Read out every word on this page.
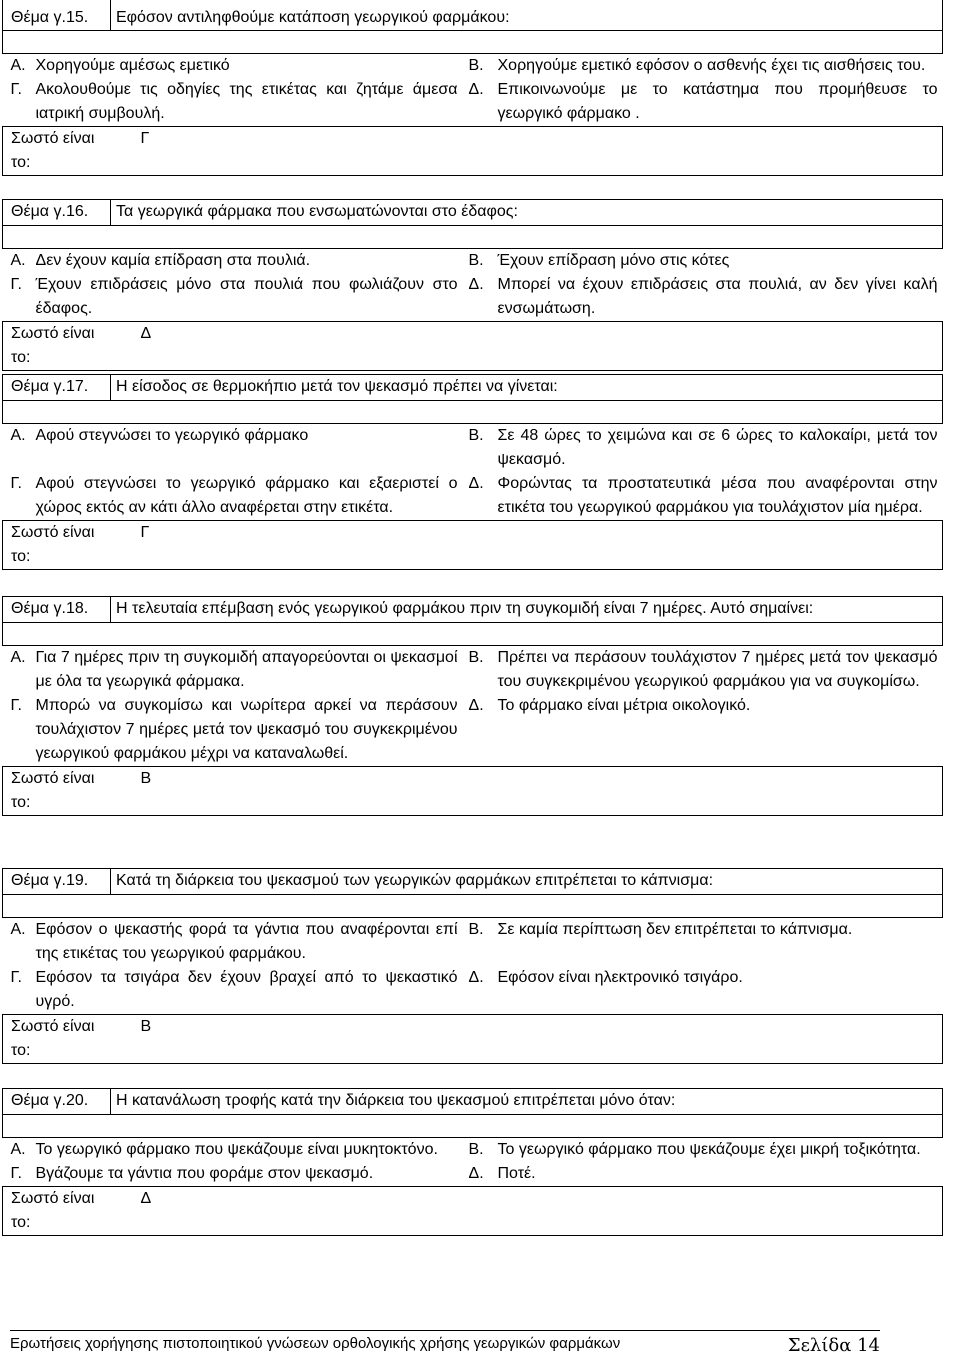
Θέμα γ.15.		Εφόσον αντιληφθούμε κατάποση γεωργικού φαρμάκου:		

Α.	Χορηγούμε αμέσως εμετικό		Β.	Χορηγούμε εμετικό εφόσον ο ασθενής έχει τις αισθήσεις του.
Γ.	Ακολουθούμε τις οδηγίες της ετικέτας και ζητάμε άμεσα ιατρική συμβουλή.		Δ.	Επικοινωνούμε με το κατάστημα που προμήθευσε το γεωργικό φάρμακο .
Σωστό είναι το:		Γ		
Θέμα γ.16.		Τα γεωργικά φάρμακα που ενσωματώνονται στο έδαφος:		

Α.	Δεν έχουν καμία επίδραση στα πουλιά.		Β.	Έχουν επίδραση μόνο στις κότες
Γ.	Έχουν επιδράσεις μόνο στα πουλιά που φωλιάζουν στο έδαφος.		Δ.	Μπορεί να έχουν επιδράσεις στα πουλιά, αν δεν γίνει καλή ενσωμάτωση.
Σωστό είναι το:		Δ		
Θέμα γ.17.		Η είσοδος σε θερμοκήπιο μετά τον ψεκασμό πρέπει να γίνεται:		

Α.	Αφού στεγνώσει το γεωργικό φάρμακο		Β.	Σε 48 ώρες το χειμώνα και σε 6 ώρες το καλοκαίρι, μετά τον ψεκασμό.
Γ.	Αφού στεγνώσει το γεωργικό φάρμακο και εξαεριστεί ο χώρος εκτός αν κάτι άλλο αναφέρεται στην ετικέτα.		Δ.	Φορώντας τα προστατευτικά μέσα που αναφέρονται στην ετικέτα του γεωργικού φαρμάκου για τουλάχιστον μία ημέρα.
Σωστό είναι το:		Γ		
Θέμα γ.18.		Η τελευταία επέμβαση ενός γεωργικού φαρμάκου πριν τη συγκομιδή είναι 7 ημέρες. Αυτό σημαίνει:		

Α.	Για 7 ημέρες πριν τη συγκομιδή απαγορεύονται οι ψεκασμοί με όλα τα γεωργικά φάρμακα.		Β.	Πρέπει να περάσουν τουλάχιστον 7 ημέρες μετά τον ψεκασμό του συγκεκριμένου γεωργικού φαρμάκου για να συγκομίσω.
Γ.	Μπορώ να συγκομίσω και νωρίτερα αρκεί να περάσουν τουλάχιστον 7 ημέρες μετά τον ψεκασμό του συγκεκριμένου γεωργικού φαρμάκου μέχρι να καταναλωθεί.		Δ.	Το φάρμακο είναι μέτρια οικολογικό.
Σωστό είναι το:		Β		
Θέμα γ.19.		Κατά τη διάρκεια του ψεκασμού των γεωργικών φαρμάκων επιτρέπεται το κάπνισμα:		

Α.	Εφόσον ο ψεκαστής φορά τα γάντια που αναφέρονται επί της ετικέτας του γεωργικού φαρμάκου.		Β.	Σε καμία περίπτωση δεν επιτρέπεται το κάπνισμα.
Γ.	Εφόσον τα τσιγάρα δεν έχουν βραχεί από το ψεκαστικό υγρό.		Δ.	Εφόσον είναι ηλεκτρονικό τσιγάρο.
Σωστό είναι το:		Β		
Θέμα γ.20.		Η κατανάλωση τροφής κατά την διάρκεια του ψεκασμού επιτρέπεται μόνο όταν:		

Α.	Το γεωργικό φάρμακο που ψεκάζουμε είναι μυκητοκτόνο.		Β.	Το γεωργικό φάρμακο που ψεκάζουμε έχει μικρή τοξικότητα.
Γ.	Βγάζουμε τα γάντια που φοράμε στον ψεκασμό.		Δ.	Ποτέ.
Σωστό είναι το:		Δ		
Ερωτήσεις χορήγησης πιστοποιητικού γνώσεων ορθολογικής χρήσης γεωργικών φαρμάκων	Σελίδα 14
